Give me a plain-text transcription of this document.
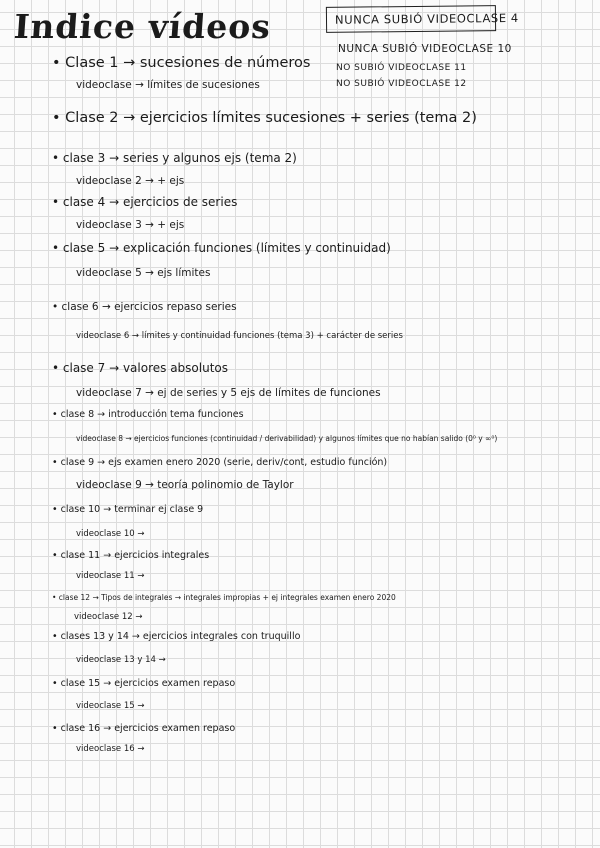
Indice vídeos	NUNCA SUBIÓ VIDEOCLASE 4
NUNCA SUBIÓ VIDEOCLASE 10
NO SUBIÓ VIDEOCLASE 11
NO SUBIÓ VIDEOCLASE 12
• Clase 1 → sucesiones de números
videoclase → límites de sucesiones
• Clase 2 → ejercicios límites sucesiones + series (tema 2)
• clase 3 → series y algunos ejs (tema 2)
videoclase 2 → + ejs
• clase 4 → ejercicios de series
videoclase 3 → + ejs
• clase 5 → explicación funciones (límites y continuidad)
videoclase 5 → ejs límites
• clase 6 → ejercicios repaso series
videoclase 6 → límites y continuidad funciones (tema 3) + carácter de series
• clase 7 → valores absolutos
videoclase 7 → ej de series y 5 ejs de límites de funciones
• clase 8 → introducción tema funciones
videoclase 8 → ejercicios funciones (continuidad / derivabilidad) y algunos límites que no habían salido (0⁰ y ∞⁰)
• clase 9 → ejs examen enero 2020 (serie, deriv/cont, estudio función)
videoclase 9 → teoría polinomio de Taylor
• clase 10 → terminar ej clase 9
videoclase 10 →
• clase 11 → ejercicios integrales
videoclase 11 →
• clase 12 → Tipos de integrales → integrales impropias + ej integrales examen enero 2020
videoclase 12 →
• clases 13 y 14 → ejercicios integrales con truquillo
videoclase 13 y 14 →
• clase 15 → ejercicios examen repaso
videoclase 15 →
• clase 16 → ejercicios examen repaso
videoclase 16 →
